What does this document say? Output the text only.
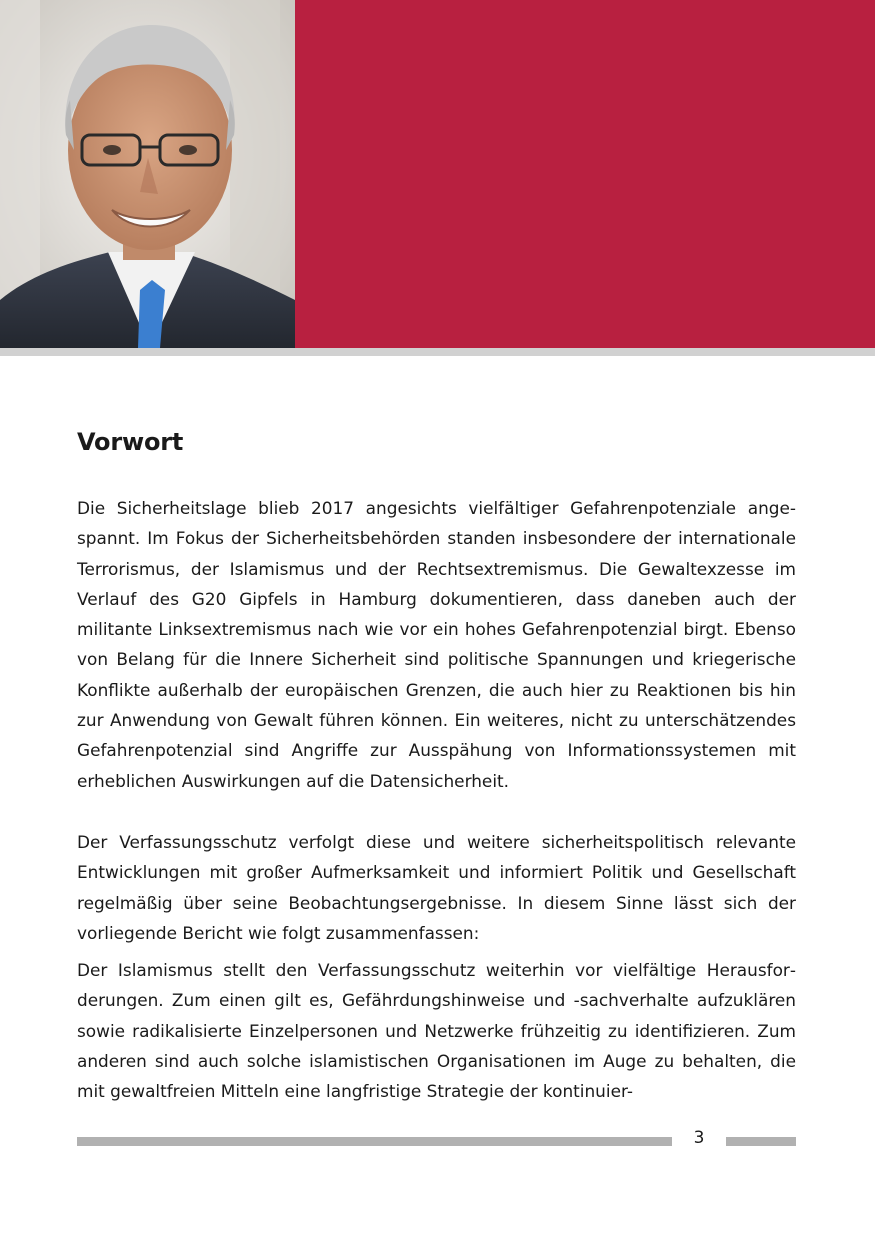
Vorwort

Die Sicherheitslage blieb 2017 angesichts vielfältiger Gefahrenpotenziale angespannt. Im Fokus der Sicherheitsbehörden standen insbesondere der internationale Terrorismus, der Islamismus und der Rechtsextremismus. Die Gewaltexzesse im Verlauf des G20 Gipfels in Hamburg dokumentieren, dass daneben auch der militante Linksextremismus nach wie vor ein hohes Gefahrenpotenzial birgt. Ebenso von Belang für die Innere Sicherheit sind politische Spannungen und kriegerische Konflikte außerhalb der europäischen Grenzen, die auch hier zu Reaktionen bis hin zur Anwendung von Gewalt führen können. Ein weiteres, nicht zu unterschätzendes Gefahrenpotenzial sind Angriffe zur Ausspähung von Informationssystemen mit erheblichen Auswirkungen auf die Datensicherheit.

Der Verfassungsschutz verfolgt diese und weitere sicherheitspolitisch relevante Entwicklungen mit großer Aufmerksamkeit und informiert Politik und Gesellschaft regelmäßig über seine Beobachtungsergebnisse. In diesem Sinne lässt sich der vorliegende Bericht wie folgt zusammenfassen:

Der Islamismus stellt den Verfassungsschutz weiterhin vor vielfältige Herausforderungen. Zum einen gilt es, Gefährdungshinweise und -sachverhalte aufzuklären sowie radikalisierte Einzelpersonen und Netzwerke frühzeitig zu identifizieren. Zum anderen sind auch solche islamistischen Organisationen im Auge zu behalten, die mit gewaltfreien Mitteln eine langfristige Strategie der kontinuier-

3
